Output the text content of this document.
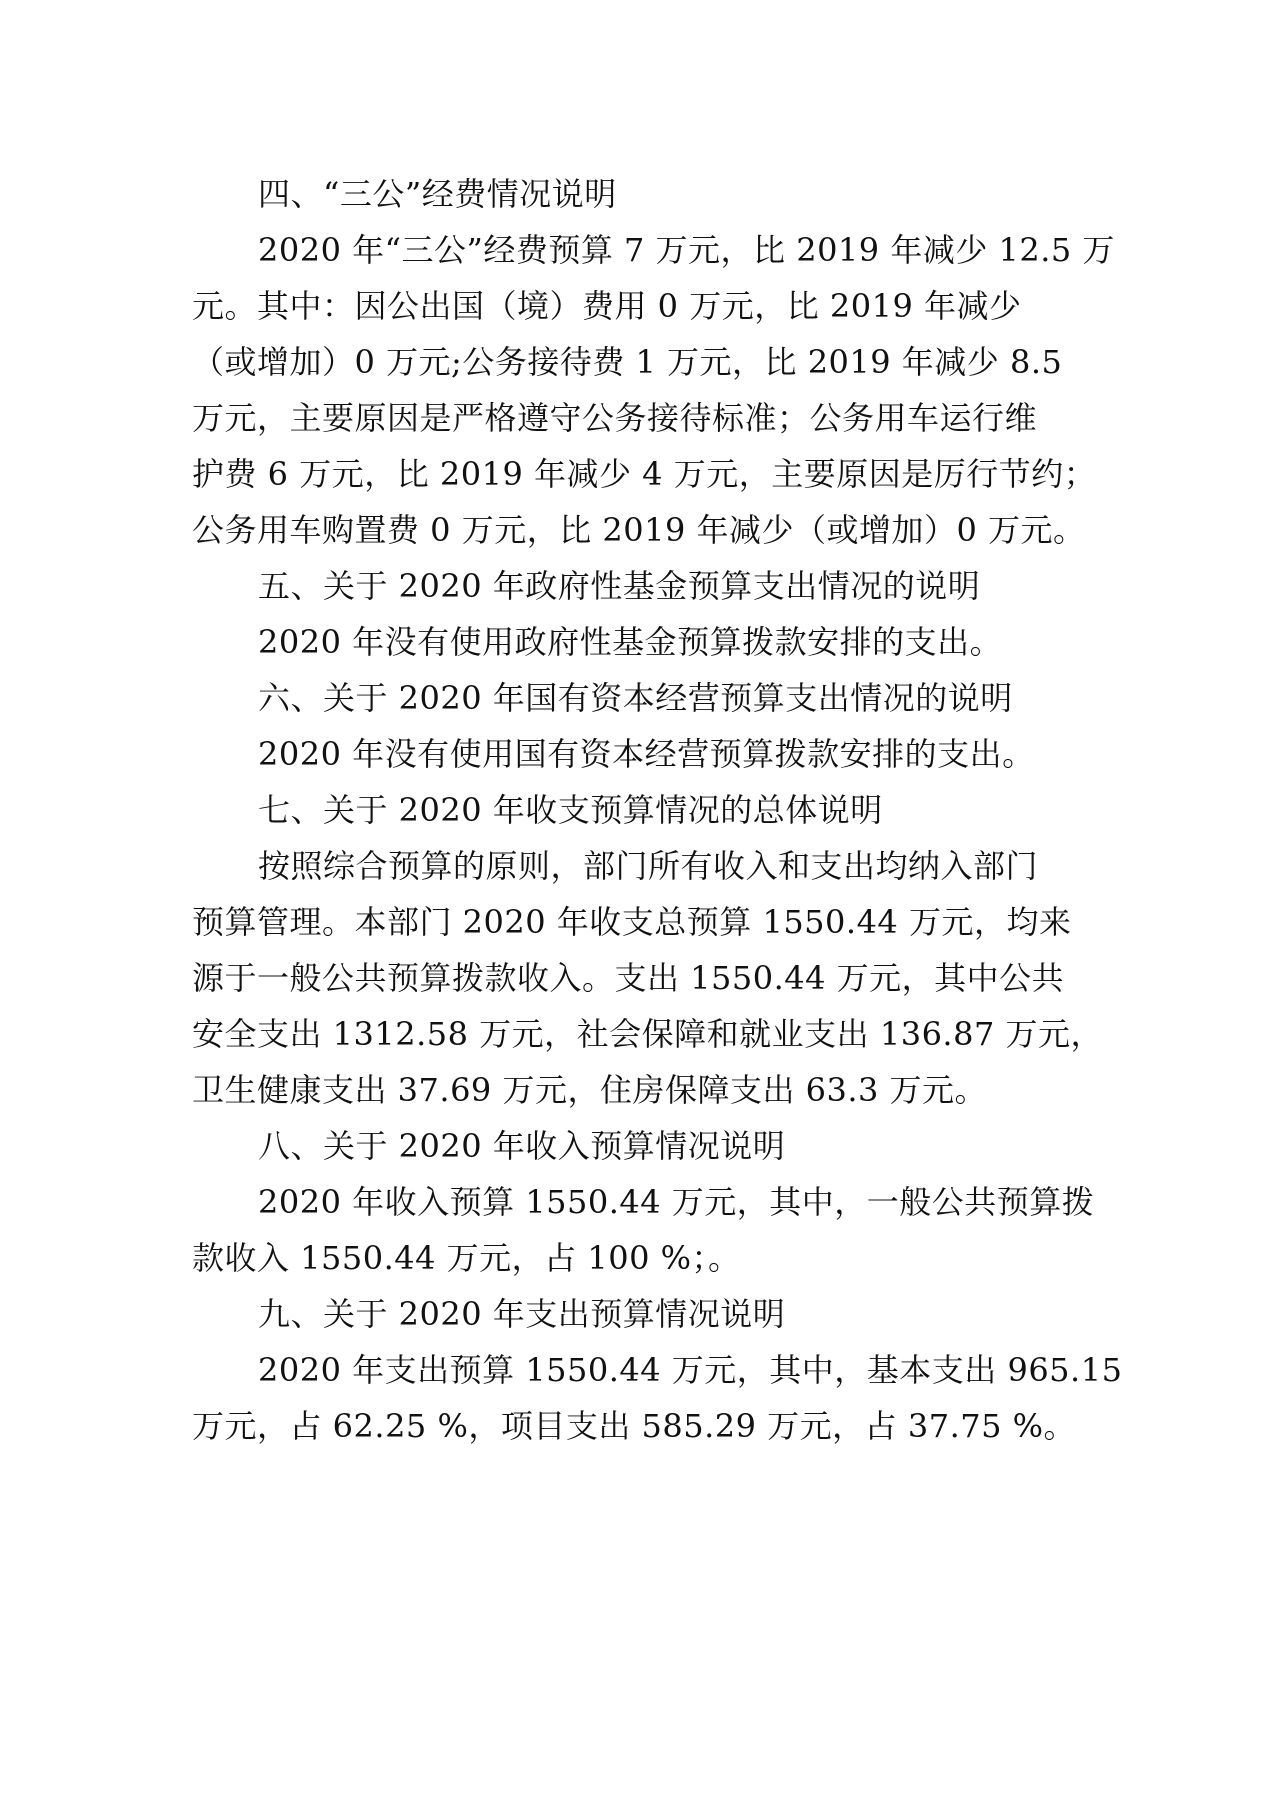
四、“三公”经费情况说明
2020 年“三公”经费预算 7 万元，比 2019 年减少 12.5 万
元。其中：因公出国（境）费用 0 万元，比 2019 年减少
（或增加）0 万元;公务接待费 1 万元，比 2019 年减少 8.5
万元，主要原因是严格遵守公务接待标准；公务用车运行维
护费 6 万元，比 2019 年减少 4 万元，主要原因是厉行节约；
公务用车购置费 0 万元，比 2019 年减少（或增加）0 万元。
五、关于 2020 年政府性基金预算支出情况的说明
2020 年没有使用政府性基金预算拨款安排的支出。
六、关于 2020 年国有资本经营预算支出情况的说明
2020 年没有使用国有资本经营预算拨款安排的支出。
七、关于 2020 年收支预算情况的总体说明
按照综合预算的原则，部门所有收入和支出均纳入部门
预算管理。本部门 2020 年收支总预算 1550.44 万元，均来
源于一般公共预算拨款收入。支出 1550.44 万元，其中公共
安全支出 1312.58 万元，社会保障和就业支出 136.87 万元，
卫生健康支出 37.69 万元，住房保障支出 63.3 万元。
八、关于 2020 年收入预算情况说明
2020 年收入预算 1550.44 万元，其中，一般公共预算拨
款收入 1550.44 万元，占 100 %；。
九、关于 2020 年支出预算情况说明
2020 年支出预算 1550.44 万元，其中，基本支出 965.15
万元，占 62.25 %，项目支出 585.29 万元，占 37.75 %。
